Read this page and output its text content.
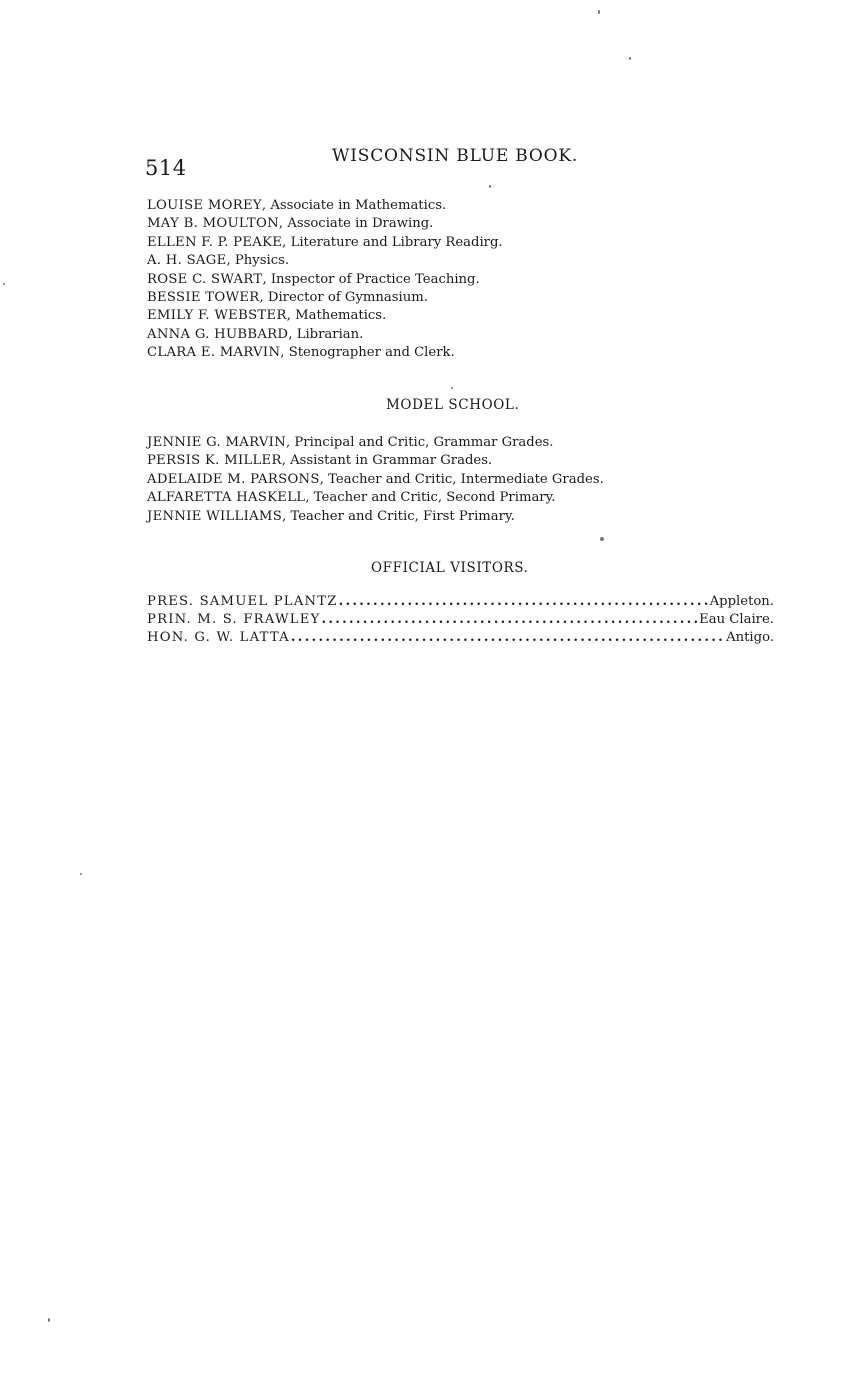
514	WISCONSIN BLUE BOOK.
LOUISE MOREY, Associate in Mathematics.
MAY B. MOULTON, Associate in Drawing.
ELLEN F. P. PEAKE, Literature and Library Readirg.
A. H. SAGE, Physics.
ROSE C. SWART, Inspector of Practice Teaching.
BESSIE TOWER, Director of Gymnasium.
EMILY F. WEBSTER, Mathematics.
ANNA G. HUBBARD, Librarian.
CLARA E. MARVIN, Stenographer and Clerk.
MODEL SCHOOL.
JENNIE G. MARVIN, Principal and Critic, Grammar Grades.
PERSIS K. MILLER, Assistant in Grammar Grades.
ADELAIDE M. PARSONS, Teacher and Critic, Intermediate Grades.
ALFARETTA HASKELL, Teacher and Critic, Second Primary.
JENNIE WILLIAMS, Teacher and Critic, First Primary.
OFFICIAL VISITORS.
PRES. SAMUEL PLANTZ .....	Appleton.
PRIN. M. S. FRAWLEY .....	Eau Claire.
HON. G. W. LATTA .....	Antigo.
